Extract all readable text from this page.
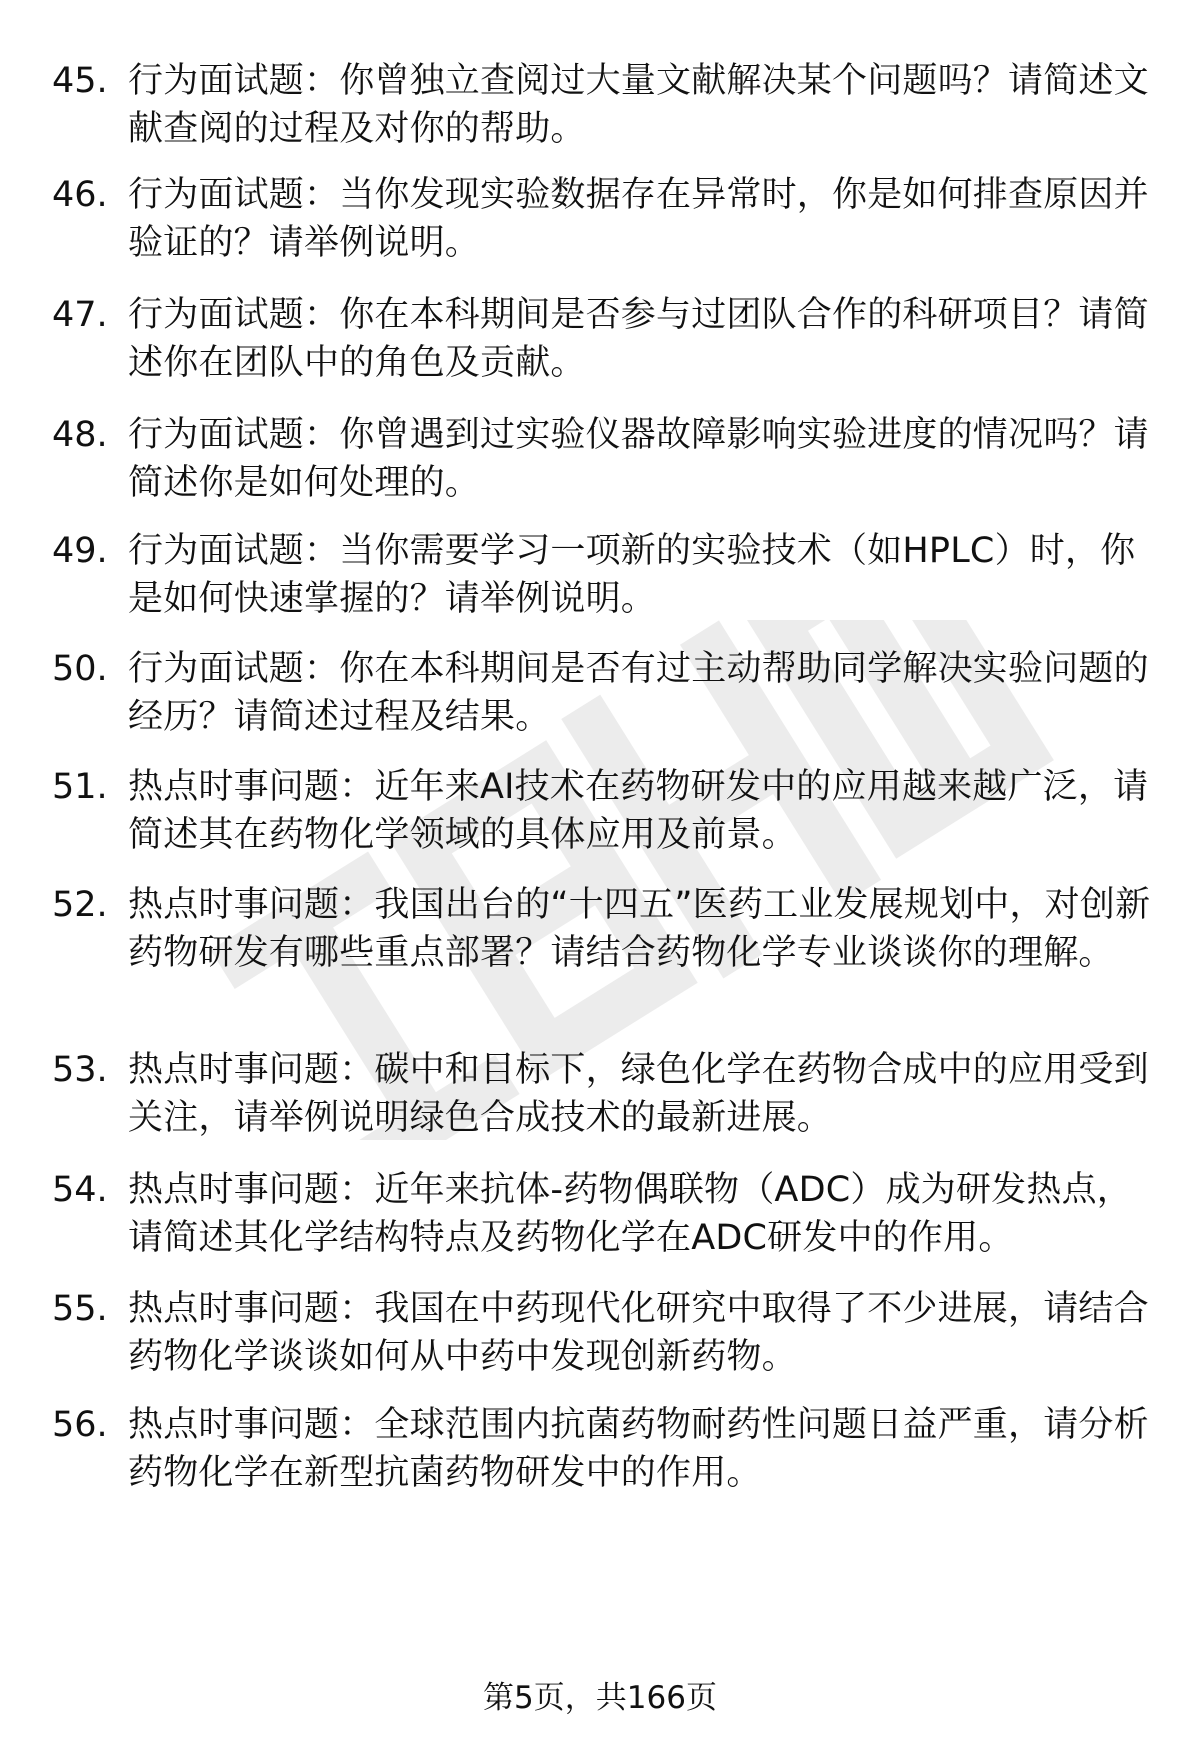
45. 行为面试题：你曾独立查阅过大量文献解决某个问题吗？请简述文献查阅的过程及对你的帮助。
46. 行为面试题：当你发现实验数据存在异常时，你是如何排查原因并验证的？请举例说明。
47. 行为面试题：你在本科期间是否参与过团队合作的科研项目？请简述你在团队中的角色及贡献。
48. 行为面试题：你曾遇到过实验仪器故障影响实验进度的情况吗？请简述你是如何处理的。
49. 行为面试题：当你需要学习一项新的实验技术（如HPLC）时，你是如何快速掌握的？请举例说明。
50. 行为面试题：你在本科期间是否有过主动帮助同学解决实验问题的经历？请简述过程及结果。
51. 热点时事问题：近年来AI技术在药物研发中的应用越来越广泛，请简述其在药物化学领域的具体应用及前景。
52. 热点时事问题：我国出台的“十四五”医药工业发展规划中，对创新药物研发有哪些重点部署？请结合药物化学专业谈谈你的理解。
53. 热点时事问题：碳中和目标下，绿色化学在药物合成中的应用受到关注，请举例说明绿色合成技术的最新进展。
54. 热点时事问题：近年来抗体-药物偶联物（ADC）成为研发热点，请简述其化学结构特点及药物化学在ADC研发中的作用。
55. 热点时事问题：我国在中药现代化研究中取得了不少进展，请结合药物化学谈谈如何从中药中发现创新药物。
56. 热点时事问题：全球范围内抗菌药物耐药性问题日益严重，请分析药物化学在新型抗菌药物研发中的作用。
第5页，共166页
